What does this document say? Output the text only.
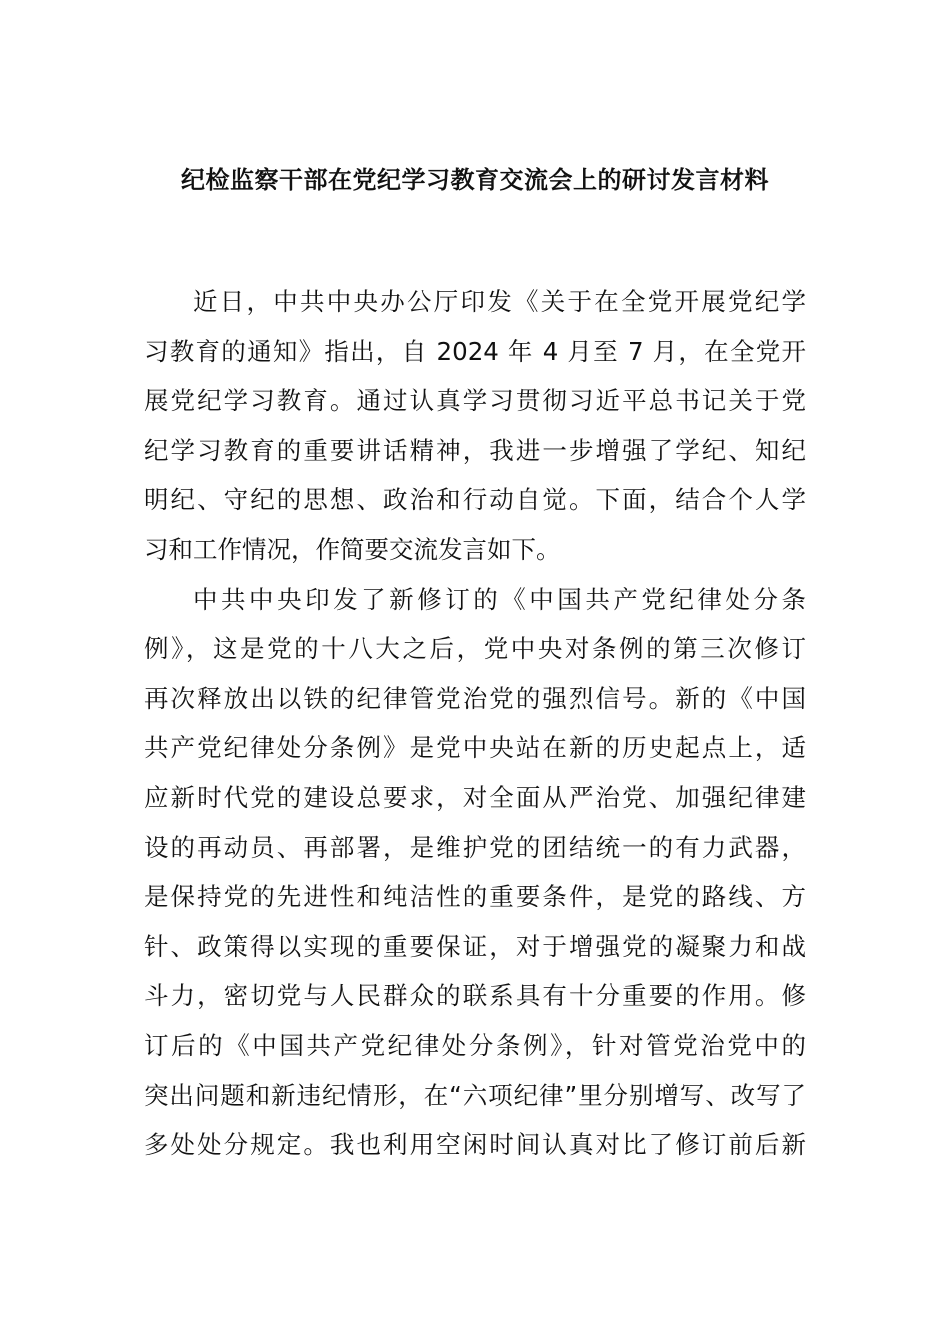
纪检监察干部在党纪学习教育交流会上的研讨发言材料
近日，中共中央办公厅印发《关于在全党开展党纪学
习教育的通知》指出，自 2024 年 4 月至 7 月，在全党开
展党纪学习教育。通过认真学习贯彻习近平总书记关于党
纪学习教育的重要讲话精神，我进一步增强了学纪、知纪
明纪、守纪的思想、政治和行动自觉。下面，结合个人学
习和工作情况，作简要交流发言如下。
中共中央印发了新修订的《中国共产党纪律处分条
例》，这是党的十八大之后，党中央对条例的第三次修订
再次释放出以铁的纪律管党治党的强烈信号。新的《中国
共产党纪律处分条例》是党中央站在新的历史起点上，适
应新时代党的建设总要求，对全面从严治党、加强纪律建
设的再动员、再部署，是维护党的团结统一的有力武器，
是保持党的先进性和纯洁性的重要条件，是党的路线、方
针、政策得以实现的重要保证，对于增强党的凝聚力和战
斗力，密切党与人民群众的联系具有十分重要的作用。修
订后的《中国共产党纪律处分条例》，针对管党治党中的
突出问题和新违纪情形，在“六项纪律”里分别增写、改写了
多处处分规定。我也利用空闲时间认真对比了修订前后新
